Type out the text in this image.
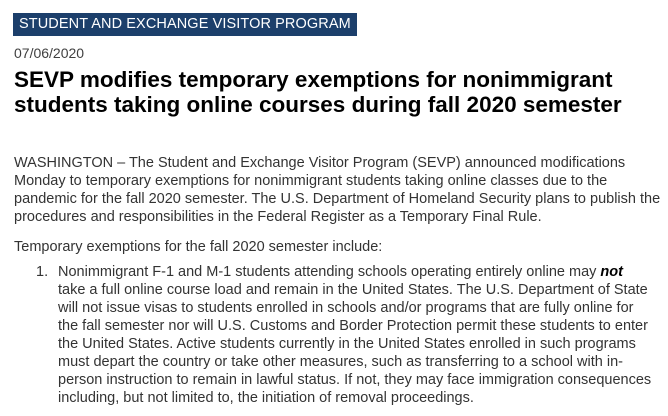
STUDENT AND EXCHANGE VISITOR PROGRAM
07/06/2020
SEVP modifies temporary exemptions for nonimmigrant students taking online courses during fall 2020 semester

WASHINGTON – The Student and Exchange Visitor Program (SEVP) announced modifications Monday to temporary exemptions for nonimmigrant students taking online classes due to the pandemic for the fall 2020 semester. The U.S. Department of Homeland Security plans to publish the procedures and responsibilities in the Federal Register as a Temporary Final Rule.

Temporary exemptions for the fall 2020 semester include:

1. Nonimmigrant F-1 and M-1 students attending schools operating entirely online may not take a full online course load and remain in the United States. The U.S. Department of State will not issue visas to students enrolled in schools and/or programs that are fully online for the fall semester nor will U.S. Customs and Border Protection permit these students to enter the United States. Active students currently in the United States enrolled in such programs must depart the country or take other measures, such as transferring to a school with in-person instruction to remain in lawful status. If not, they may face immigration consequences including, but not limited to, the initiation of removal proceedings.
